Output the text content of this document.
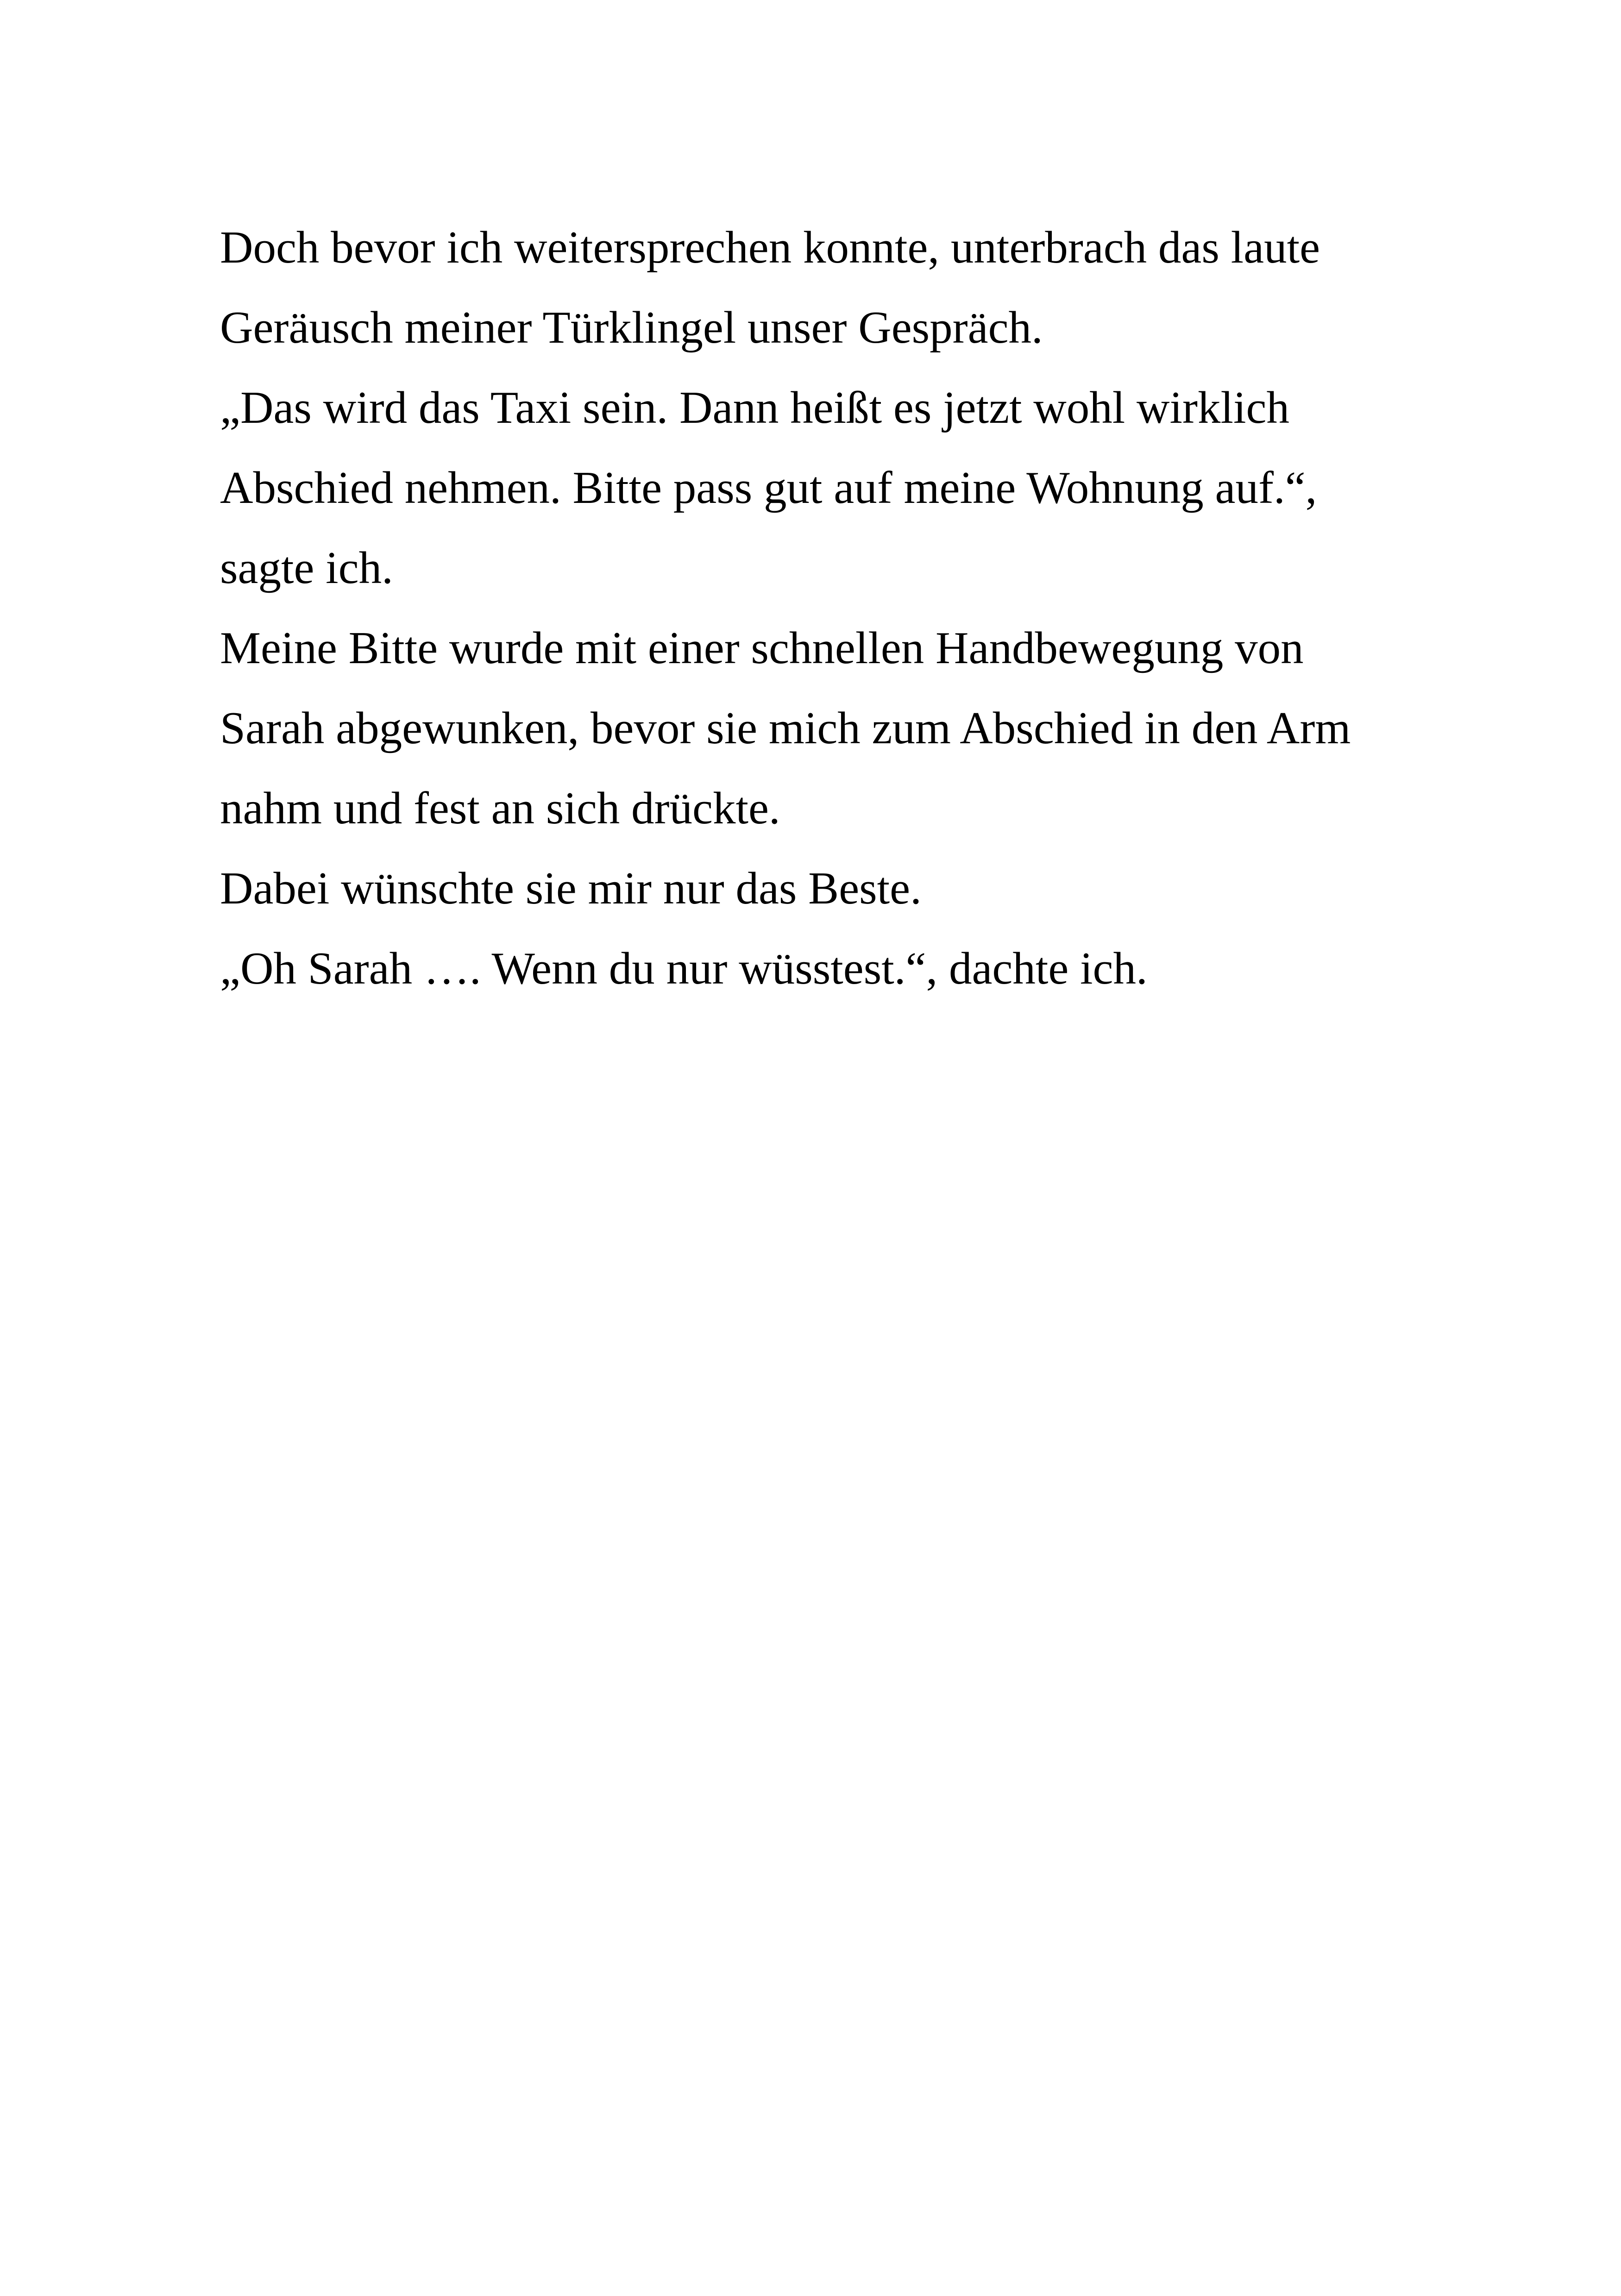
Doch bevor ich weitersprechen konnte, unterbrach das laute
Geräusch meiner Türklingel unser Gespräch.
„Das wird das Taxi sein. Dann heißt es jetzt wohl wirklich
Abschied nehmen. Bitte pass gut auf meine Wohnung auf.“,
sagte ich.
Meine Bitte wurde mit einer schnellen Handbewegung von
Sarah abgewunken, bevor sie mich zum Abschied in den Arm
nahm und fest an sich drückte.
Dabei wünschte sie mir nur das Beste.
„Oh Sarah …. Wenn du nur wüsstest.“, dachte ich.
